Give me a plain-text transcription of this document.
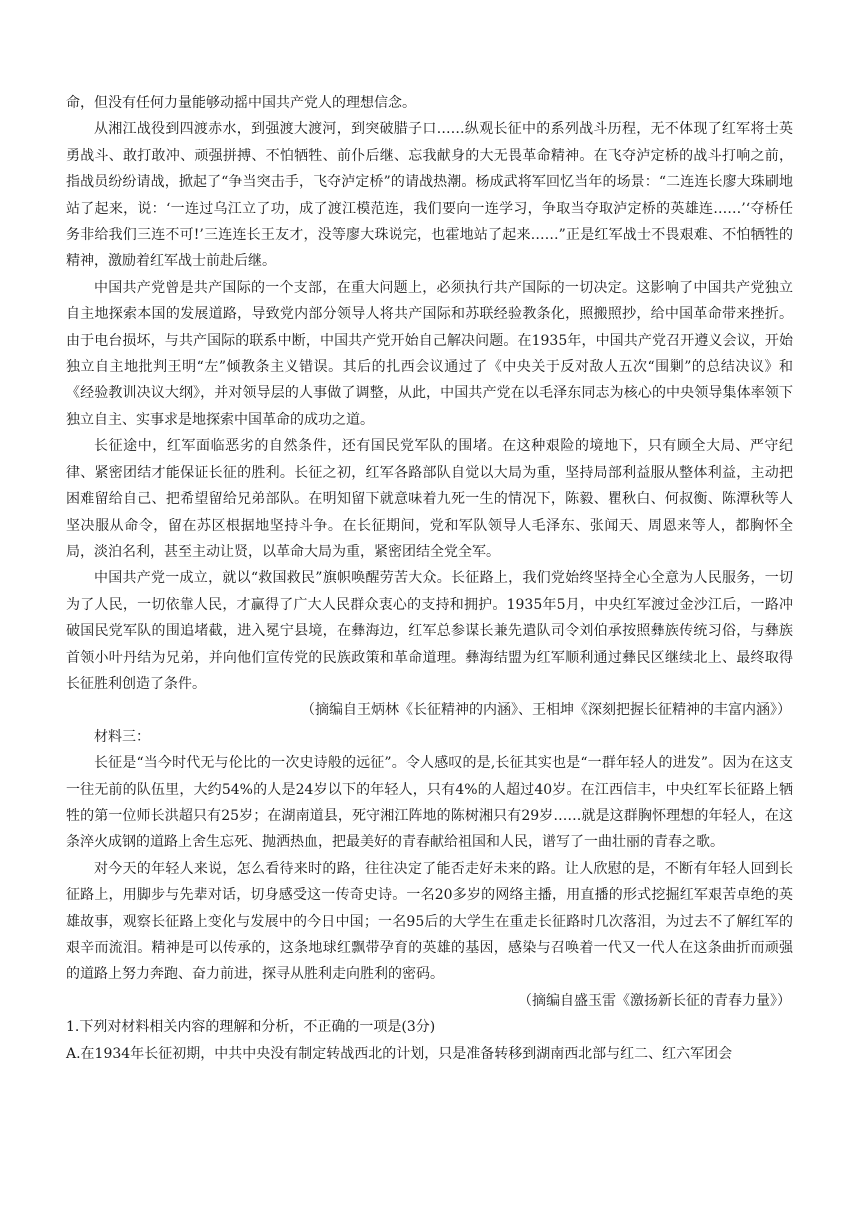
命，但没有任何力量能够动摇中国共产党人的理想信念。

从湘江战役到四渡赤水，到强渡大渡河，到突破腊子口……纵观长征中的系列战斗历程，无不体现了红军将士英勇战斗、敢打敢冲、顽强拼搏、不怕牺牲、前仆后继、忘我献身的大无畏革命精神。在飞夺泸定桥的战斗打响之前，指战员纷纷请战，掀起了“争当突击手，飞夺泸定桥”的请战热潮。杨成武将军回忆当年的场景：“二连连长廖大珠刷地站了起来，说：‘一连过乌江立了功，成了渡江模范连，我们要向一连学习，争取当夺取泸定桥的英雄连……’‘夺桥任务非给我们三连不可!’三连连长王友才，没等廖大珠说完，也霍地站了起来……”正是红军战士不畏艰难、不怕牺牲的精神，激励着红军战士前赴后继。

中国共产党曾是共产国际的一个支部，在重大问题上，必须执行共产国际的一切决定。这影响了中国共产党独立自主地探索本国的发展道路，导致党内部分领导人将共产国际和苏联经验教条化，照搬照抄，给中国革命带来挫折。由于电台损坏，与共产国际的联系中断，中国共产党开始自己解决问题。在1935年，中国共产党召开遵义会议，开始独立自主地批判王明“左”倾教条主义错误。其后的扎西会议通过了《中央关于反对敌人五次“围剿”的总结决议》和《经验教训决议大纲》，并对领导层的人事做了调整，从此，中国共产党在以毛泽东同志为核心的中央领导集体率领下独立自主、实事求是地探索中国革命的成功之道。

长征途中，红军面临恶劣的自然条件，还有国民党军队的围堵。在这种艰险的境地下，只有顾全大局、严守纪律、紧密团结才能保证长征的胜利。长征之初，红军各路部队自觉以大局为重，坚持局部利益服从整体利益，主动把困难留给自己、把希望留给兄弟部队。在明知留下就意味着九死一生的情况下，陈毅、瞿秋白、何叔衡、陈潭秋等人坚决服从命令，留在苏区根据地坚持斗争。在长征期间，党和军队领导人毛泽东、张闻天、周恩来等人，都胸怀全局，淡泊名利，甚至主动让贤，以革命大局为重，紧密团结全党全军。

中国共产党一成立，就以“救国救民”旗帜唤醒劳苦大众。长征路上，我们党始终坚持全心全意为人民服务，一切为了人民，一切依靠人民，才赢得了广大人民群众衷心的支持和拥护。1935年5月，中央红军渡过金沙江后，一路冲破国民党军队的围追堵截，进入冕宁县境，在彝海边，红军总参谋长兼先遣队司令刘伯承按照彝族传统习俗，与彝族首领小叶丹结为兄弟，并向他们宣传党的民族政策和革命道理。彝海结盟为红军顺利通过彝民区继续北上、最终取得长征胜利创造了条件。

（摘编自王炳林《长征精神的内涵》、王相坤《深刻把握长征精神的丰富内涵》）

材料三：

长征是“当今时代无与伦比的一次史诗般的远征”。令人感叹的是,长征其实也是“一群年轻人的进发”。因为在这支一往无前的队伍里，大约54%的人是24岁以下的年轻人，只有4%的人超过40岁。在江西信丰，中央红军长征路上牺牲的第一位师长洪超只有25岁；在湖南道县，死守湘江阵地的陈树湘只有29岁……就是这群胸怀理想的年轻人，在这条淬火成钢的道路上舍生忘死、抛洒热血，把最美好的青春献给祖国和人民，谱写了一曲壮丽的青春之歌。

对今天的年轻人来说，怎么看待来时的路，往往决定了能否走好未来的路。让人欣慰的是，不断有年轻人回到长征路上，用脚步与先辈对话，切身感受这一传奇史诗。一名20多岁的网络主播，用直播的形式挖掘红军艰苦卓绝的英雄故事，观察长征路上变化与发展中的今日中国；一名95后的大学生在重走长征路时几次落泪，为过去不了解红军的艰辛而流泪。精神是可以传承的，这条地球红飘带孕育的英雄的基因，感染与召唤着一代又一代人在这条曲折而顽强的道路上努力奔跑、奋力前进，探寻从胜利走向胜利的密码。

（摘编自盛玉雷《激扬新长征的青春力量》）

1.下列对材料相关内容的理解和分析，不正确的一项是(3分)

A.在1934年长征初期，中共中央没有制定转战西北的计划，只是准备转移到湖南西北部与红二、红六军团会
